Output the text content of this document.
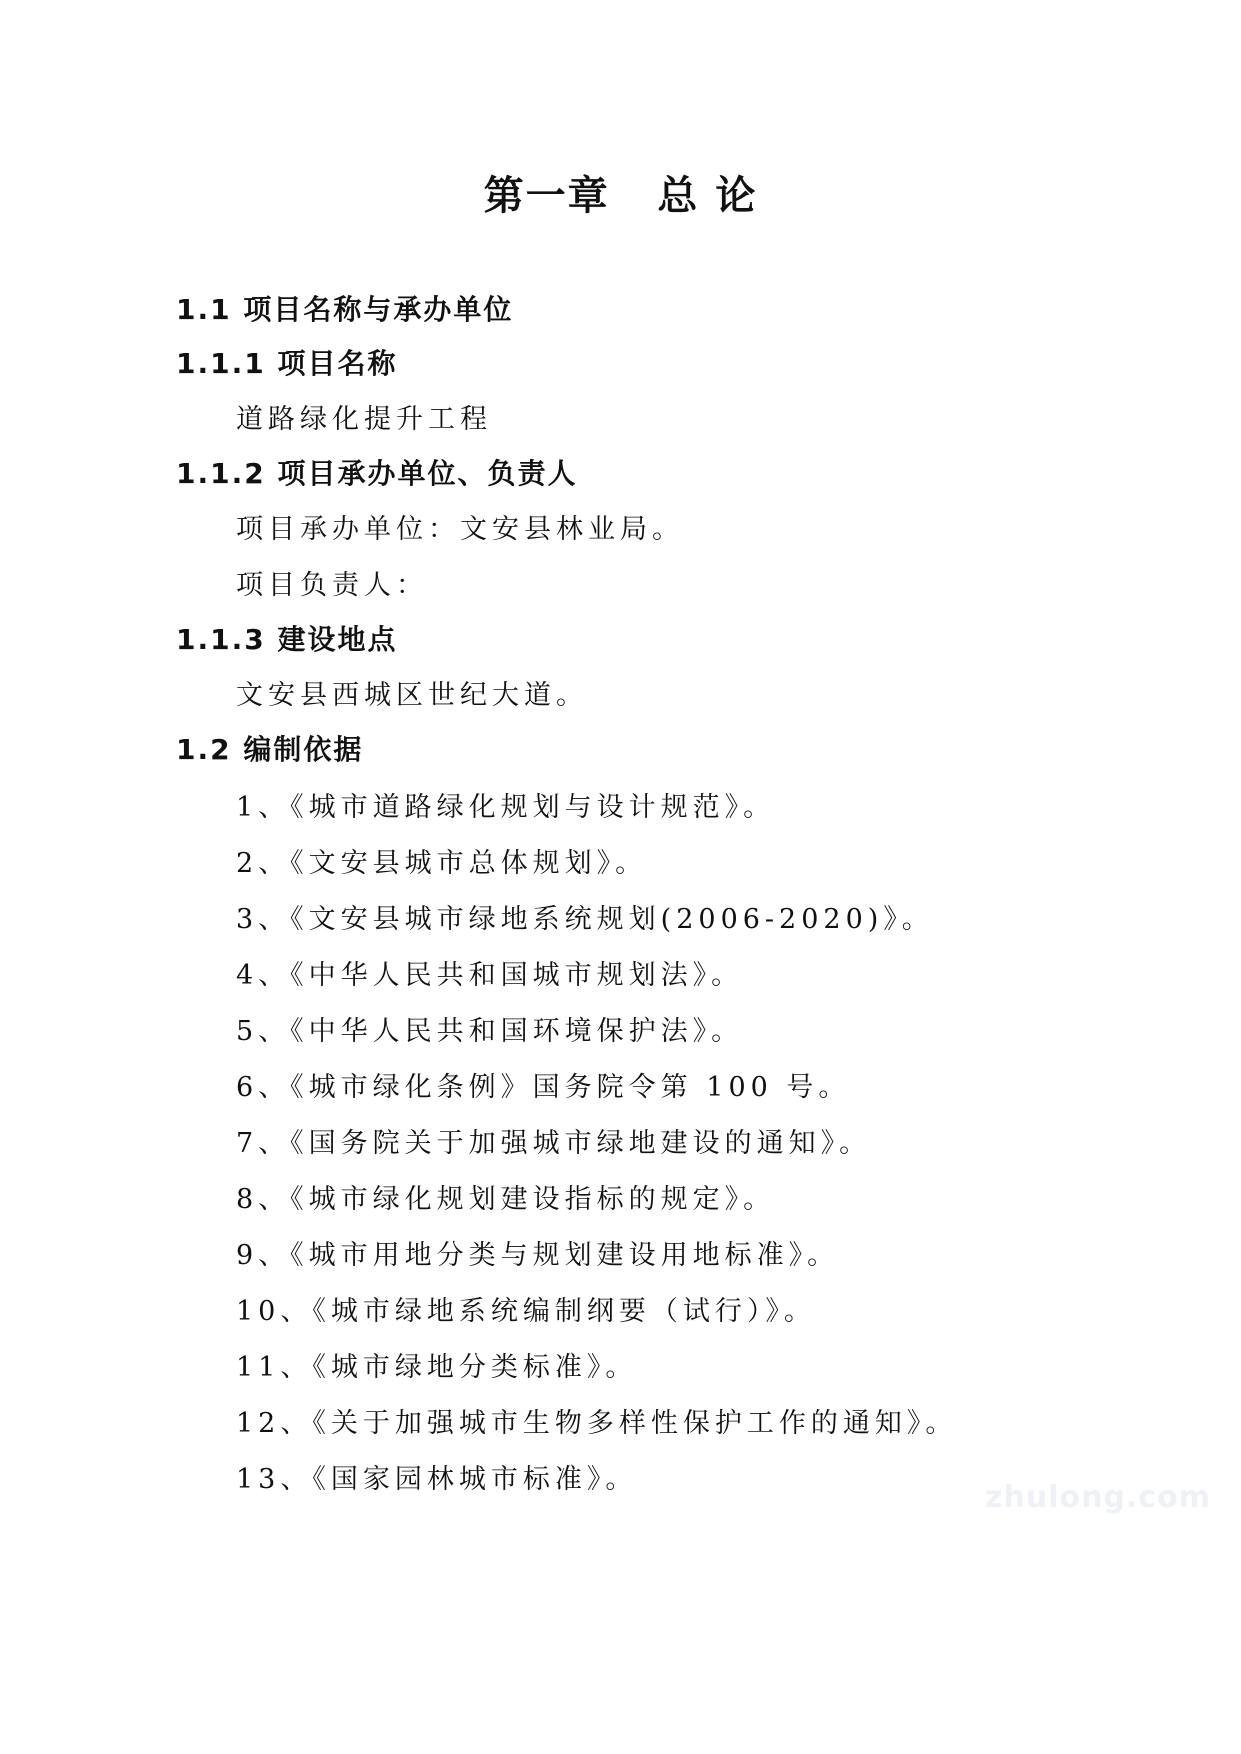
第一章   总 论
1.1 项目名称与承办单位
1.1.1 项目名称
道路绿化提升工程
1.1.2 项目承办单位、负责人
项目承办单位：文安县林业局。
项目负责人：
1.1.3 建设地点
文安县西城区世纪大道。
1.2 编制依据
1、《城市道路绿化规划与设计规范》。
2、《文安县城市总体规划》。
3、《文安县城市绿地系统规划(2006-2020)》。
4、《中华人民共和国城市规划法》。
5、《中华人民共和国环境保护法》。
6、《城市绿化条例》国务院令第 100 号。
7、《国务院关于加强城市绿地建设的通知》。
8、《城市绿化规划建设指标的规定》。
9、《城市用地分类与规划建设用地标准》。
10、《城市绿地系统编制纲要（试行）》。
11、《城市绿地分类标准》。
12、《关于加强城市生物多样性保护工作的通知》。
13、《国家园林城市标准》。
zhulong.com
